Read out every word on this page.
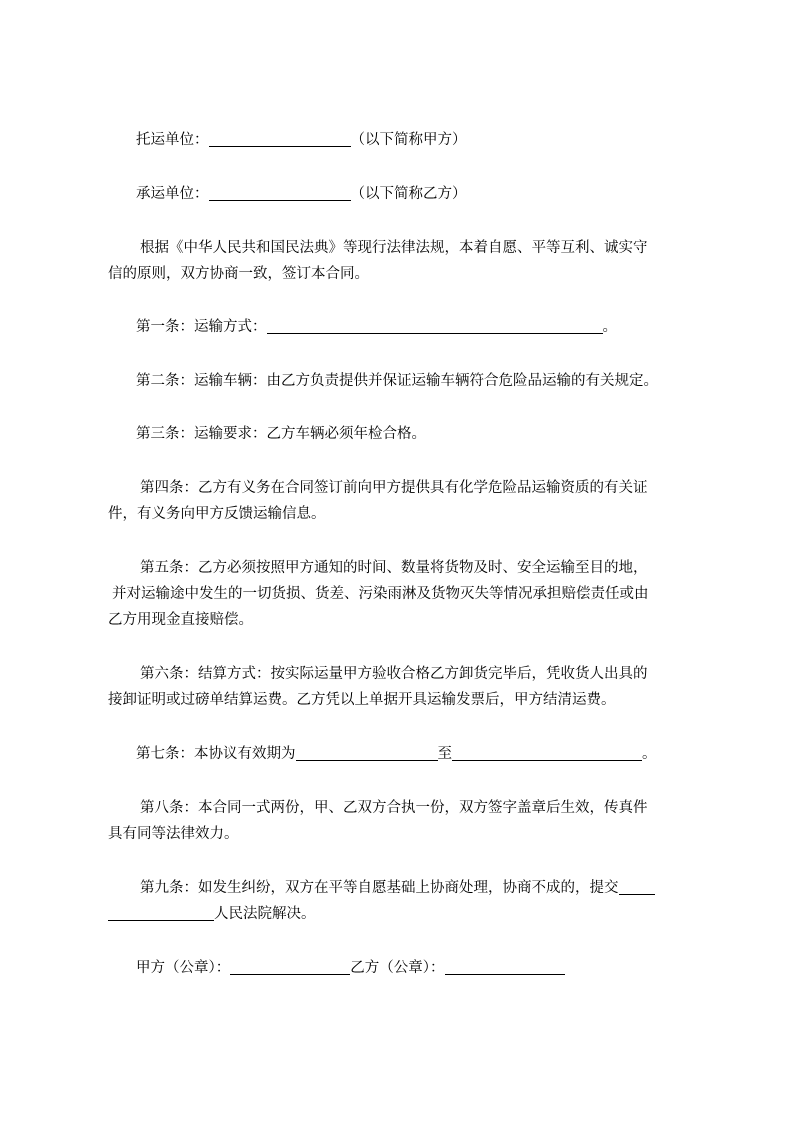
托运单位：	（以下简称甲方）
承运单位：	（以下简称乙方）
根据《中华人民共和国民法典》等现行法律法规，本着自愿、平等互利、诚实守
信的原则，双方协商一致，签订本合同。
第一条：运输方式：	。
第二条：运输车辆：由乙方负责提供并保证运输车辆符合危险品运输的有关规定。
第三条：运输要求：乙方车辆必须年检合格。
第四条：乙方有义务在合同签订前向甲方提供具有化学危险品运输资质的有关证
件，有义务向甲方反馈运输信息。
第五条：乙方必须按照甲方通知的时间、数量将货物及时、安全运输至目的地，
并对运输途中发生的一切货损、货差、污染雨淋及货物灭失等情况承担赔偿责任或由
乙方用现金直接赔偿。
第六条：结算方式：按实际运量甲方验收合格乙方卸货完毕后，凭收货人出具的
接卸证明或过磅单结算运费。乙方凭以上单据开具运输发票后，甲方结清运费。
第七条：本协议有效期为	至	。
第八条：本合同一式两份，甲、乙双方合执一份，双方签字盖章后生效，传真件
具有同等法律效力。
第九条：如发生纠纷，双方在平等自愿基础上协商处理，协商不成的，提交
人民法院解决。
甲方（公章）：	乙方（公章）：
